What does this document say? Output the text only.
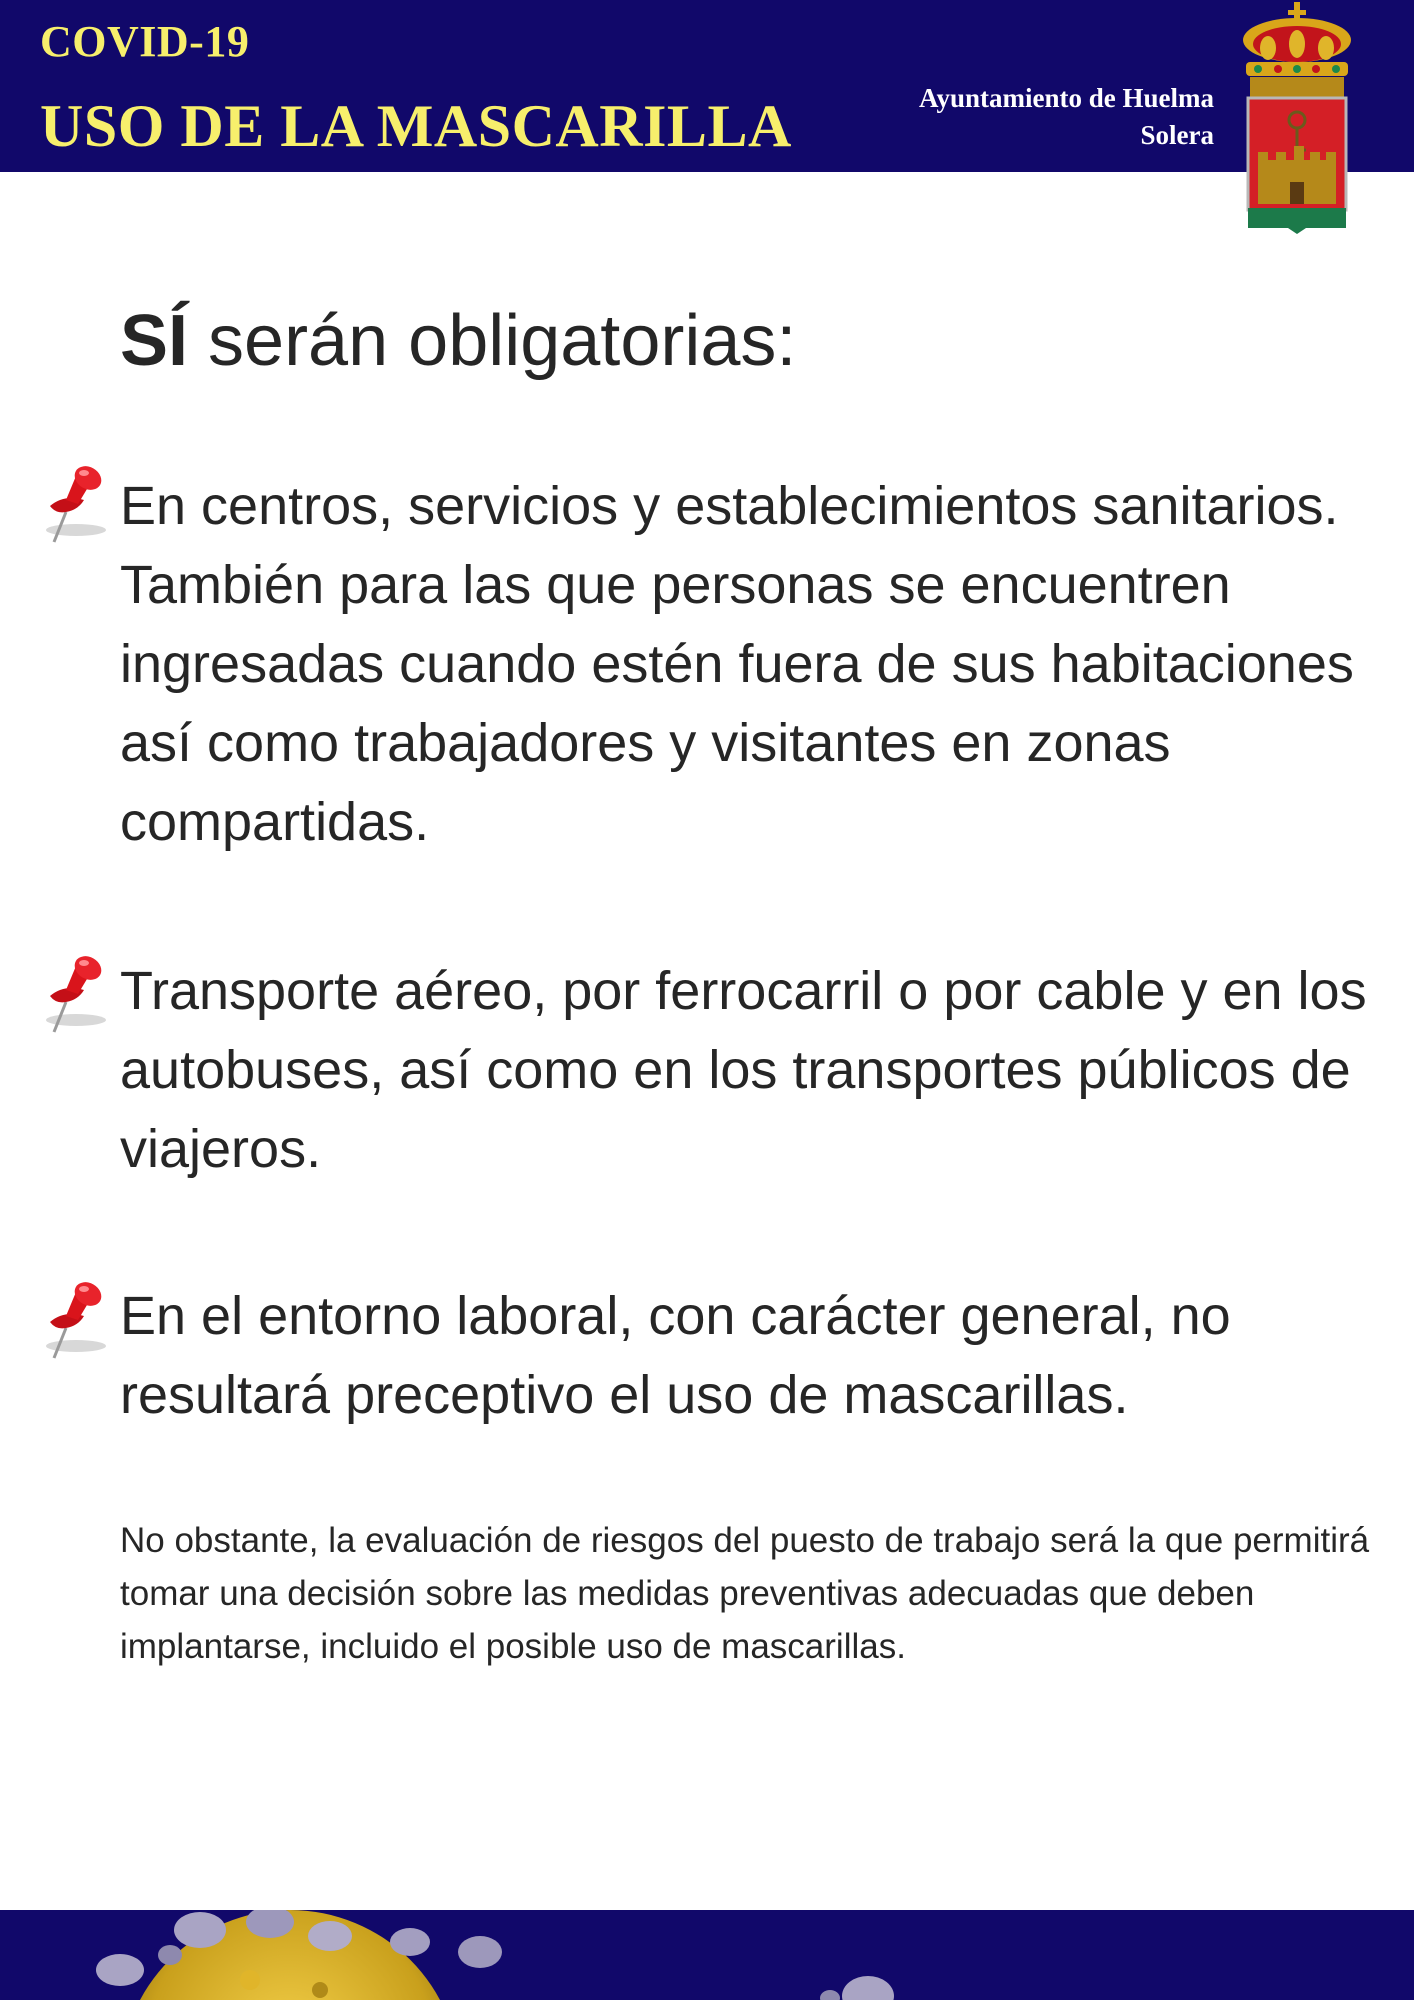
COVID-19
USO DE LA MASCARILLA	Ayuntamiento de Huelma
Solera
SÍ serán obligatorias:
En centros, servicios y establecimientos sanitarios. También para las que personas se encuentren ingresadas cuando estén fuera de sus habitaciones así como trabajadores y visitantes en zonas compartidas.
Transporte aéreo, por ferrocarril o por cable y en los autobuses, así como en los transportes públicos de viajeros.
En el entorno laboral, con carácter general, no resultará preceptivo el uso de mascarillas.
No obstante, la evaluación de riesgos del puesto de trabajo será la que permitirá tomar una decisión sobre las medidas preventivas adecuadas que deben implantarse, incluido el posible uso de mascarillas.
